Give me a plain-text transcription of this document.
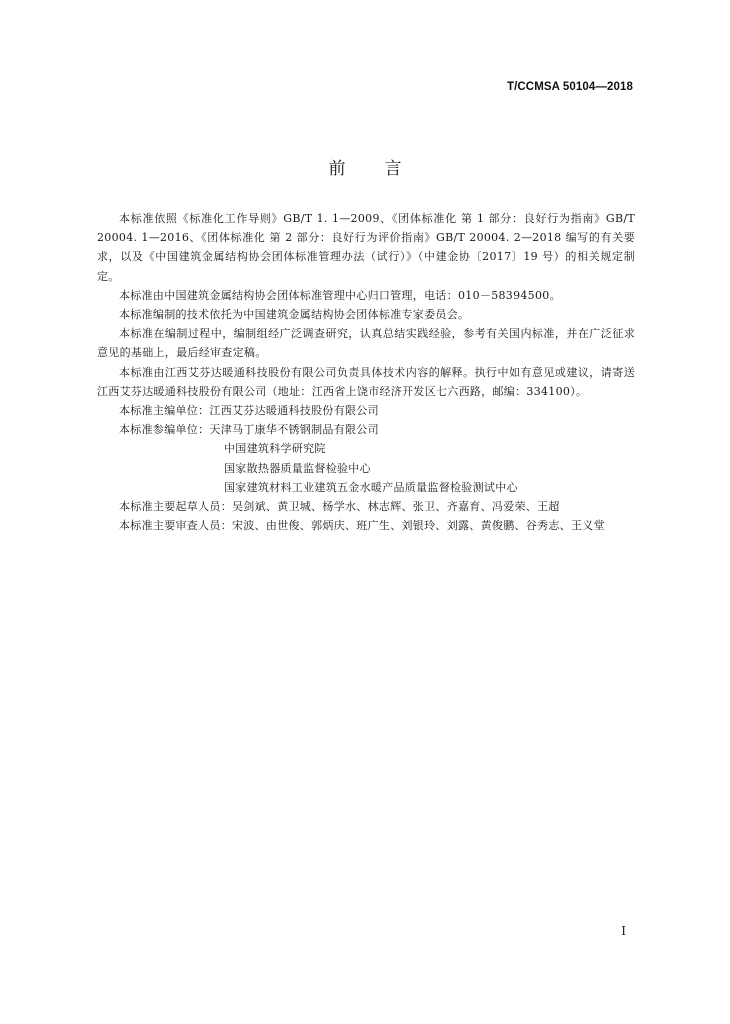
T/CCMSA 50104—2018
前言

本标准依照《标准化工作导则》GB/T 1. 1—2009、《团体标准化 第 1 部分：良好行为指南》GB/T 20004. 1—2016、《团体标准化 第 2 部分：良好行为评价指南》GB/T 20004. 2—2018 编写的有关要求，以及《中国建筑金属结构协会团体标准管理办法（试行）》（中建金协〔2017〕19 号）的相关规定制定。

本标准由中国建筑金属结构协会团体标准管理中心归口管理，电话：010－58394500。

本标准编制的技术依托为中国建筑金属结构协会团体标准专家委员会。

本标准在编制过程中，编制组经广泛调查研究，认真总结实践经验，参考有关国内标准，并在广泛征求意见的基础上，最后经审查定稿。

本标准由江西艾芬达暖通科技股份有限公司负责具体技术内容的解释。执行中如有意见或建议，请寄送江西艾芬达暖通科技股份有限公司（地址：江西省上饶市经济开发区七六西路，邮编：334100）。

本标准主编单位：江西艾芬达暖通科技股份有限公司

本标准参编单位：天津马丁康华不锈钢制品有限公司

中国建筑科学研究院

国家散热器质量监督检验中心

国家建筑材料工业建筑五金水暖产品质量监督检验测试中心

本标准主要起草人员：吴剑斌、黄卫城、杨学水、林志辉、张卫、齐嘉育、冯爱荣、王超

本标准主要审查人员：宋波、由世俊、郭炳庆、班广生、刘银玲、刘露、黄俊鹏、谷秀志、王义堂

I
